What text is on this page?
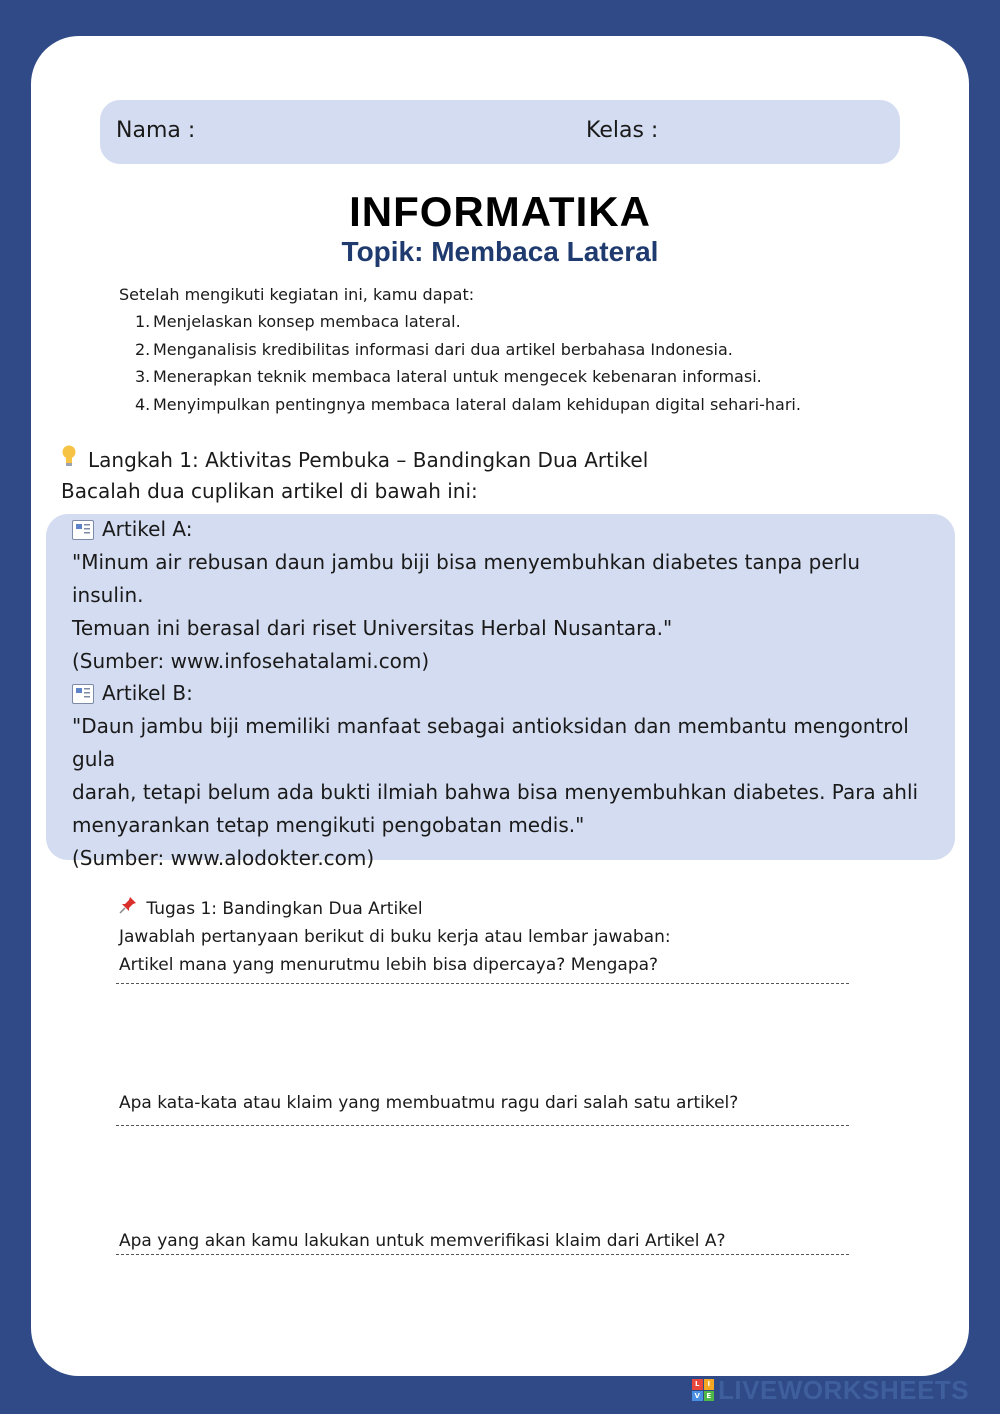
Nama :	Kelas :
INFORMATIKA
Topik: Membaca Lateral
Setelah mengikuti kegiatan ini, kamu dapat:
1. Menjelaskan konsep membaca lateral.
2. Menganalisis kredibilitas informasi dari dua artikel berbahasa Indonesia.
3. Menerapkan teknik membaca lateral untuk mengecek kebenaran informasi.
4. Menyimpulkan pentingnya membaca lateral dalam kehidupan digital sehari-hari.
Langkah 1: Aktivitas Pembuka – Bandingkan Dua Artikel
Bacalah dua cuplikan artikel di bawah ini:
Artikel A:
"Minum air rebusan daun jambu biji bisa menyembuhkan diabetes tanpa perlu insulin.
Temuan ini berasal dari riset Universitas Herbal Nusantara."
(Sumber: www.infosehatalami.com)
Artikel B:
"Daun jambu biji memiliki manfaat sebagai antioksidan dan membantu mengontrol gula
darah, tetapi belum ada bukti ilmiah bahwa bisa menyembuhkan diabetes. Para ahli
menyarankan tetap mengikuti pengobatan medis."
(Sumber: www.alodokter.com)
Tugas 1: Bandingkan Dua Artikel
Jawablah pertanyaan berikut di buku kerja atau lembar jawaban:
Artikel mana yang menurutmu lebih bisa dipercaya? Mengapa?
Apa kata-kata atau klaim yang membuatmu ragu dari salah satu artikel?
Apa yang akan kamu lakukan untuk memverifikasi klaim dari Artikel A?
L	I
V E LIVEWORKSHEETS
